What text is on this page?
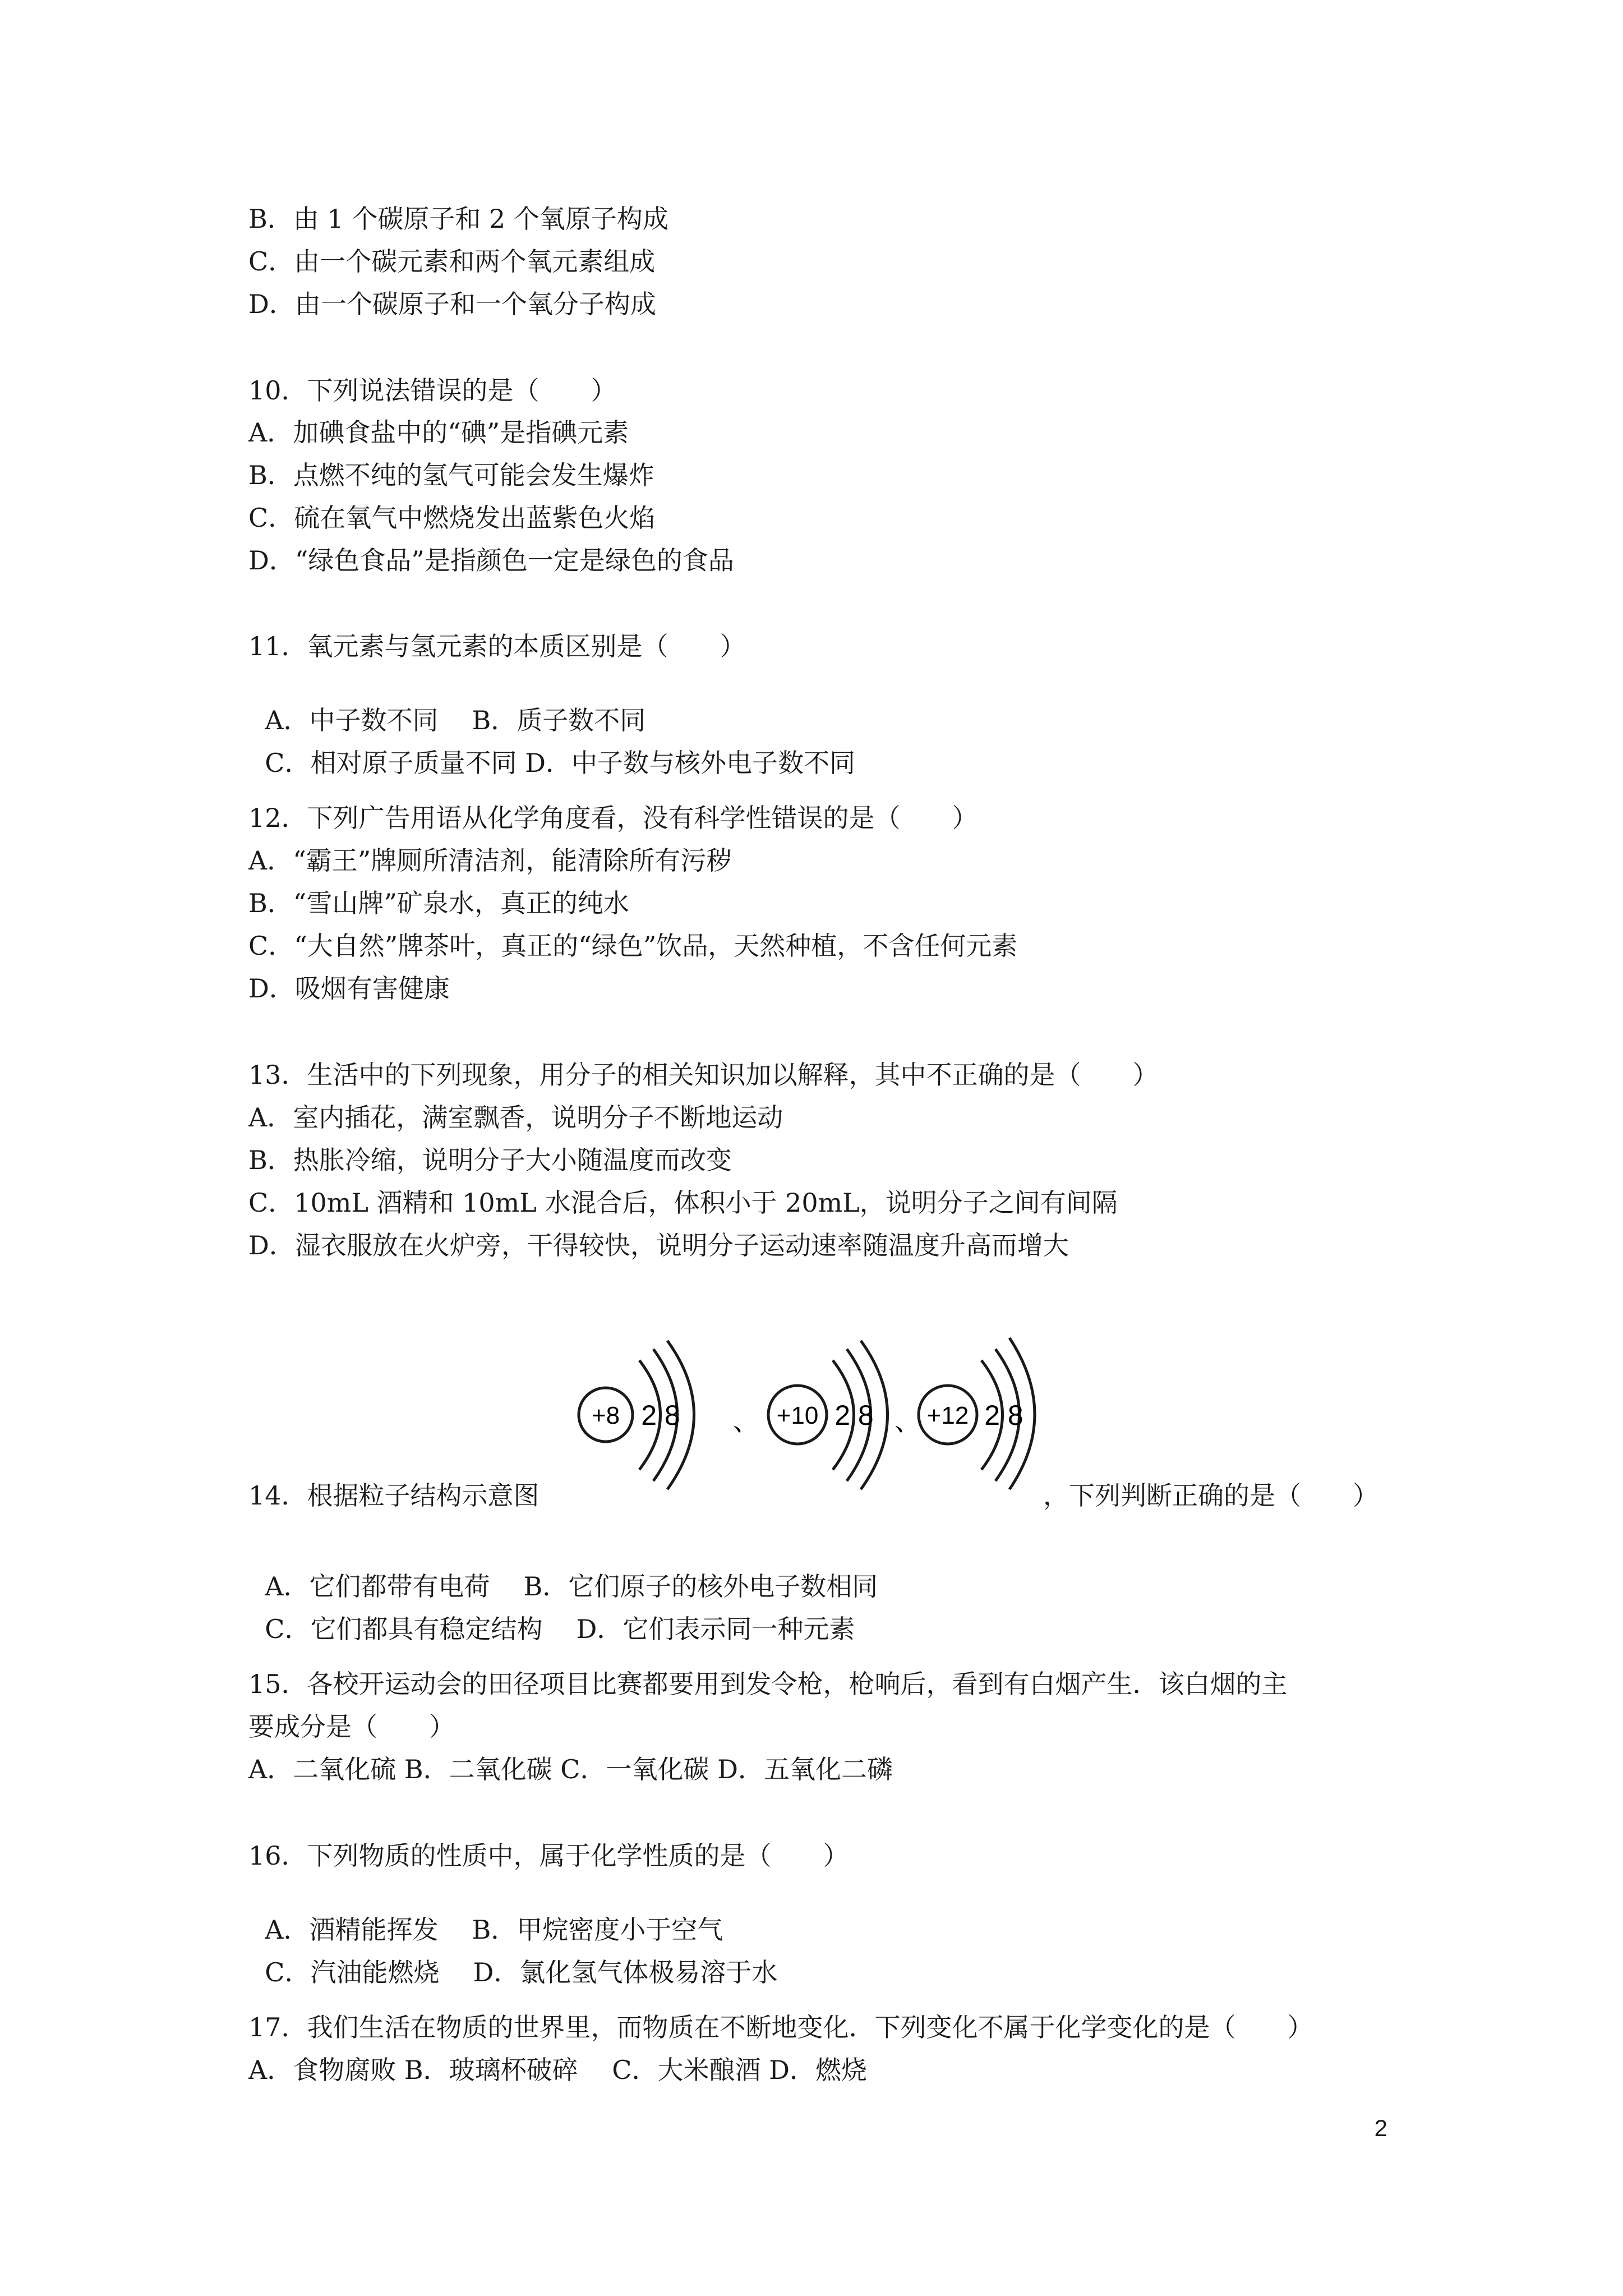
B．由 1 个碳原子和 2 个氧原子构成
C．由一个碳元素和两个氧元素组成
D．由一个碳原子和一个氧分子构成
10．下列说法错误的是（　　）
A．加碘食盐中的“碘”是指碘元素
B．点燃不纯的氢气可能会发生爆炸
C．硫在氧气中燃烧发出蓝紫色火焰
D．“绿色食品”是指颜色一定是绿色的食品
11．氧元素与氢元素的本质区别是（　　）

A．中子数不同 B．质子数不同

C．相对原子质量不同 D．中子数与核外电子数不同

12．下列广告用语从化学角度看，没有科学性错误的是（　　）
A．“霸王”牌厕所清洁剂，能清除所有污秽
B．“雪山牌”矿泉水，真正的纯水
C．“大自然”牌茶叶，真正的“绿色”饮品，天然种植，不含任何元素
D．吸烟有害健康
13．生活中的下列现象，用分子的相关知识加以解释，其中不正确的是（　　）
A．室内插花，满室飘香，说明分子不断地运动
B．热胀冷缩，说明分子大小随温度而改变
C．10mL 酒精和 10mL 水混合后，体积小于 20mL，说明分子之间有间隔
D．湿衣服放在火炉旁，干得较快，说明分子运动速率随温度升高而增大
+8 2 8 、 +10 2 8 、 +12 2 8
14．根据粒子结构示意图	，下列判断正确的是（　　）

A．它们都带有电荷 B．它们原子的核外电子数相同

C．它们都具有稳定结构 D．它们表示同一种元素

15．各校开运动会的田径项目比赛都要用到发令枪，枪响后，看到有白烟产生．该白烟的主
要成分是（　　）
A．二氧化硫 B．二氧化碳 C．一氧化碳 D．五氧化二磷
16．下列物质的性质中，属于化学性质的是（　　）

A．酒精能挥发 B．甲烷密度小于空气

C．汽油能燃烧 D．氯化氢气体极易溶于水

17．我们生活在物质的世界里，而物质在不断地变化．下列变化不属于化学变化的是（　　）
A．食物腐败 B．玻璃杯破碎　 C．大米酿酒 D．燃烧
2
